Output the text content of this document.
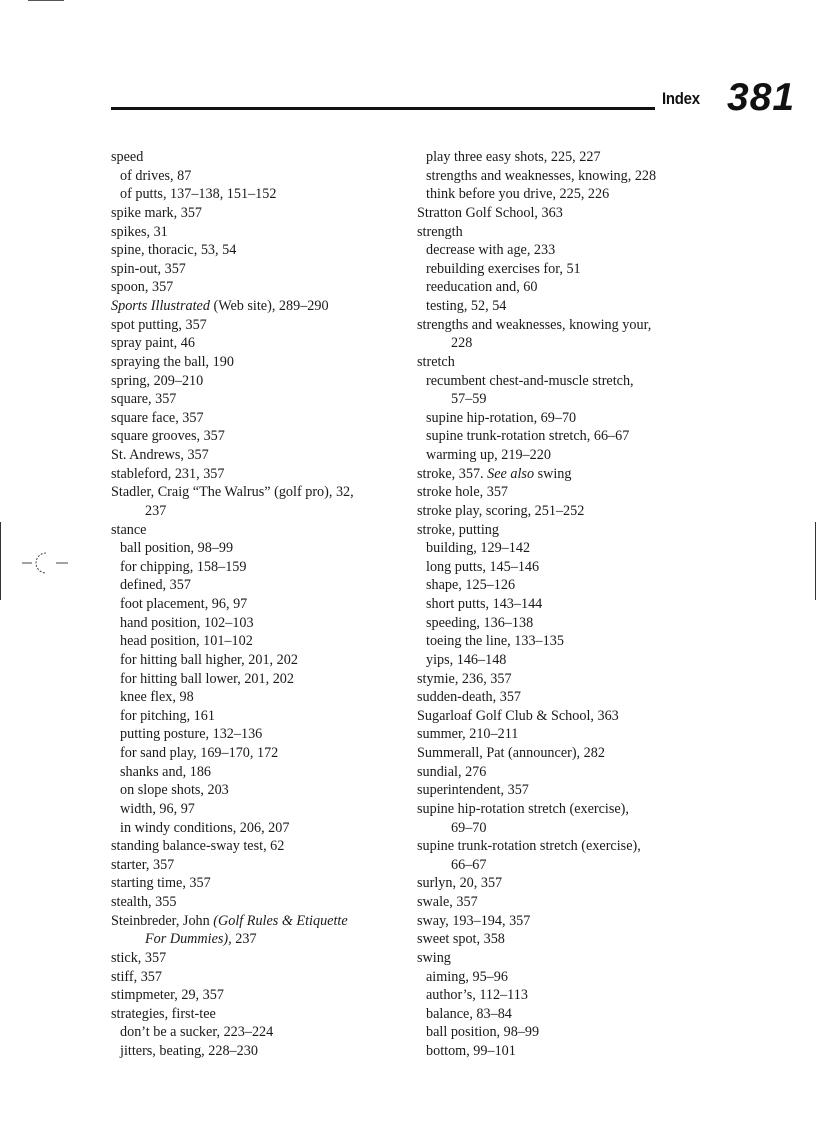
Index 381
speed
of drives, 87
of putts, 137–138, 151–152
spike mark, 357
spikes, 31
spine, thoracic, 53, 54
spin-out, 357
spoon, 357
Sports Illustrated (Web site), 289–290
spot putting, 357
spray paint, 46
spraying the ball, 190
spring, 209–210
square, 357
square face, 357
square grooves, 357
St. Andrews, 357
stableford, 231, 357
Stadler, Craig “The Walrus” (golf pro), 32,
237
stance
ball position, 98–99
for chipping, 158–159
defined, 357
foot placement, 96, 97
hand position, 102–103
head position, 101–102
for hitting ball higher, 201, 202
for hitting ball lower, 201, 202
knee flex, 98
for pitching, 161
putting posture, 132–136
for sand play, 169–170, 172
shanks and, 186
on slope shots, 203
width, 96, 97
in windy conditions, 206, 207
standing balance-sway test, 62
starter, 357
starting time, 357
stealth, 355
Steinbreder, John (Golf Rules & Etiquette
For Dummies), 237
stick, 357
stiff, 357
stimpmeter, 29, 357
strategies, first-tee
don’t be a sucker, 223–224
jitters, beating, 228–230
play three easy shots, 225, 227
strengths and weaknesses, knowing, 228
think before you drive, 225, 226
Stratton Golf School, 363
strength
decrease with age, 233
rebuilding exercises for, 51
reeducation and, 60
testing, 52, 54
strengths and weaknesses, knowing your,
228
stretch
recumbent chest-and-muscle stretch,
57–59
supine hip-rotation, 69–70
supine trunk-rotation stretch, 66–67
warming up, 219–220
stroke, 357. See also swing
stroke hole, 357
stroke play, scoring, 251–252
stroke, putting
building, 129–142
long putts, 145–146
shape, 125–126
short putts, 143–144
speeding, 136–138
toeing the line, 133–135
yips, 146–148
stymie, 236, 357
sudden-death, 357
Sugarloaf Golf Club & School, 363
summer, 210–211
Summerall, Pat (announcer), 282
sundial, 276
superintendent, 357
supine hip-rotation stretch (exercise),
69–70
supine trunk-rotation stretch (exercise),
66–67
surlyn, 20, 357
swale, 357
sway, 193–194, 357
sweet spot, 358
swing
aiming, 95–96
author’s, 112–113
balance, 83–84
ball position, 98–99
bottom, 99–101
